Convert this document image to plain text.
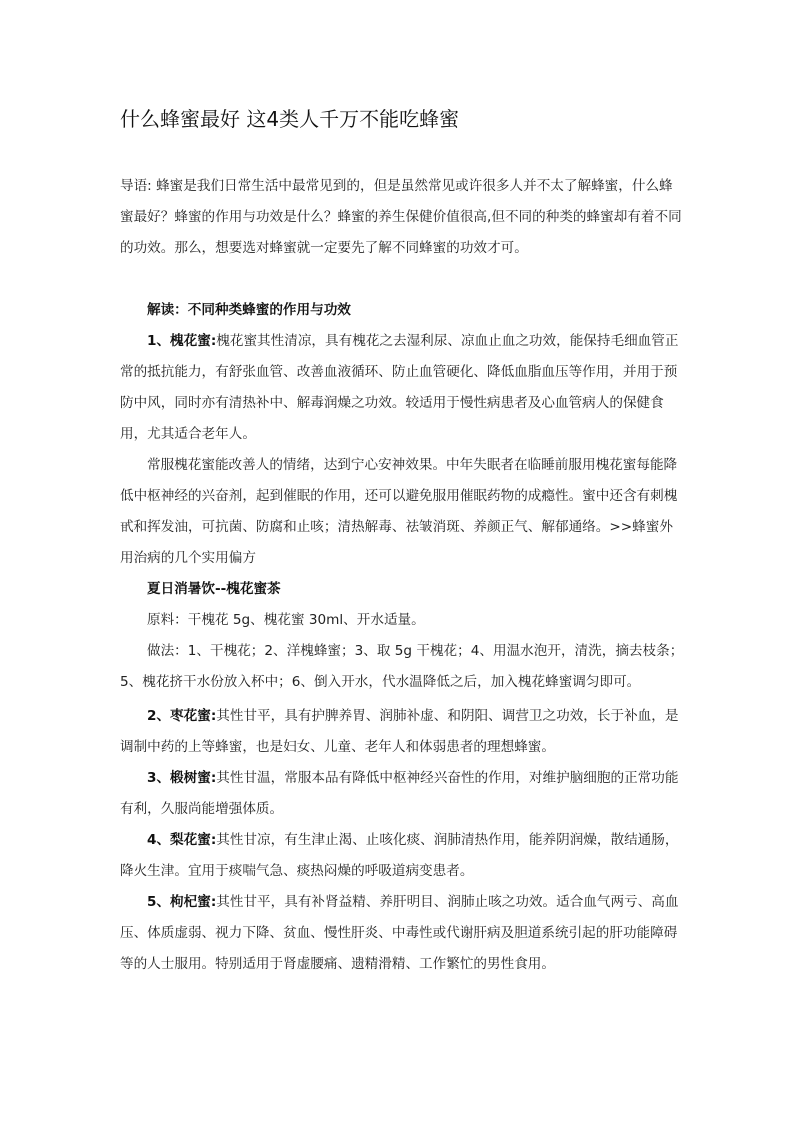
什么蜂蜜最好 这4类人千万不能吃蜂蜜

导语: 蜂蜜是我们日常生活中最常见到的，但是虽然常见或许很多人并不太了解蜂蜜，什么蜂蜜最好？蜂蜜的作用与功效是什么？蜂蜜的养生保健价值很高,但不同的种类的蜂蜜却有着不同的功效。那么，想要选对蜂蜜就一定要先了解不同蜂蜜的功效才可。

解读：不同种类蜂蜜的作用与功效

1、槐花蜜:槐花蜜其性清凉，具有槐花之去湿利尿、凉血止血之功效，能保持毛细血管正常的抵抗能力，有舒张血管、改善血液循环、防止血管硬化、降低血脂血压等作用，并用于预防中风，同时亦有清热补中、解毒润燥之功效。较适用于慢性病患者及心血管病人的保健食用，尤其适合老年人。

常服槐花蜜能改善人的情绪，达到宁心安神效果。中年失眠者在临睡前服用槐花蜜每能降低中枢神经的兴奋剂，起到催眠的作用，还可以避免服用催眠药物的成瘾性。蜜中还含有刺槐甙和挥发油，可抗菌、防腐和止咳；清热解毒、祛皱消斑、养颜正气、解郁通络。>>蜂蜜外用治病的几个实用偏方

夏日消暑饮--槐花蜜茶

原料：干槐花 5g、槐花蜜 30ml、开水适量。

做法：1、干槐花；2、洋槐蜂蜜；3、取 5g 干槐花；4、用温水泡开，清洗，摘去枝条；5、槐花挤干水份放入杯中；6、倒入开水，代水温降低之后，加入槐花蜂蜜调匀即可。

2、枣花蜜:其性甘平，具有护脾养胃、润肺补虚、和阴阳、调营卫之功效，长于补血，是调制中药的上等蜂蜜，也是妇女、儿童、老年人和体弱患者的理想蜂蜜。

3、椴树蜜:其性甘温，常服本品有降低中枢神经兴奋性的作用，对维护脑细胞的正常功能有利，久服尚能增强体质。

4、梨花蜜:其性甘凉，有生津止渴、止咳化痰、润肺清热作用，能养阴润燥，散结通肠，降火生津。宜用于痰喘气急、痰热闷燥的呼吸道病变患者。

5、枸杞蜜:其性甘平，具有补肾益精、养肝明目、润肺止咳之功效。适合血气两亏、高血压、体质虚弱、视力下降、贫血、慢性肝炎、中毒性或代谢肝病及胆道系统引起的肝功能障碍等的人士服用。特别适用于肾虚腰痛、遗精滑精、工作繁忙的男性食用。
